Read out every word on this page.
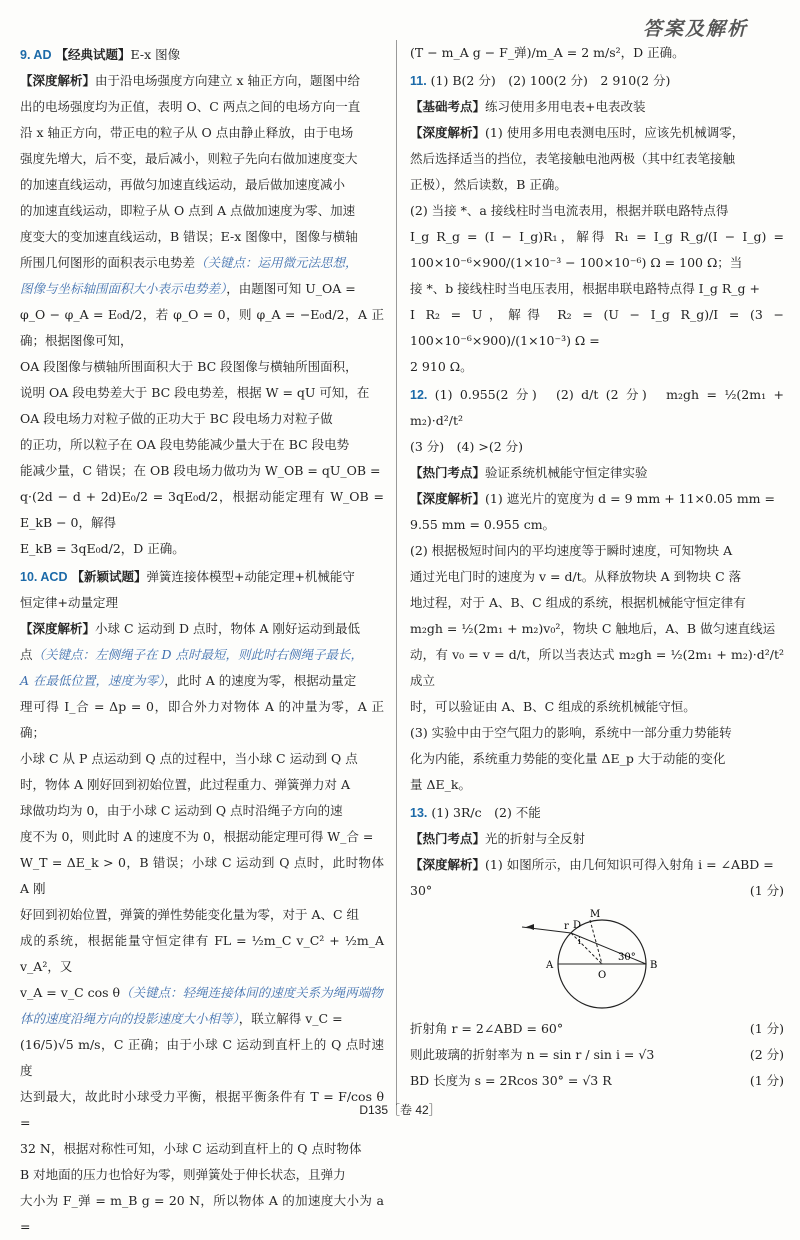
答案及解析

9. AD 【经典试题】E-x 图像

【深度解析】由于沿电场强度方向建立 x 轴正方向，题图中给

出的电场强度均为正值，表明 O、C 两点之间的电场方向一直

沿 x 轴正方向，带正电的粒子从 O 点由静止释放，由于电场

强度先增大，后不变，最后减小，则粒子先向右做加速度变大

的加速直线运动，再做匀加速直线运动，最后做加速度减小

的加速直线运动，即粒子从 O 点到 A 点做加速度为零、加速

度变大的变加速直线运动，B 错误；E-x 图像中，图像与横轴

所围几何图形的面积表示电势差（关键点：运用微元法思想，

图像与坐标轴围面积大小表示电势差），由题图可知 U_OA =

φ_O − φ_A = E₀d/2，若 φ_O = 0，则 φ_A = −E₀d/2，A 正确；根据图像可知，

OA 段图像与横轴所围面积大于 BC 段图像与横轴所围面积，

说明 OA 段电势差大于 BC 段电势差，根据 W = qU 可知，在

OA 段电场力对粒子做的正功大于 BC 段电场力对粒子做

的正功，所以粒子在 OA 段电势能减少量大于在 BC 段电势

能减少量，C 错误；在 OB 段电场力做功为 W_OB = qU_OB =

q·(2d − d + 2d)E₀/2 = 3qE₀d/2，根据动能定理有 W_OB = E_kB − 0，解得

E_kB = 3qE₀d/2，D 正确。

10. ACD 【新颖试题】弹簧连接体模型+动能定理+机械能守

恒定律+动量定理

【深度解析】小球 C 运动到 D 点时，物体 A 刚好运动到最低

点（关键点：左侧绳子在 D 点时最短，则此时右侧绳子最长，

A 在最低位置，速度为零），此时 A 的速度为零，根据动量定

理可得 I_合 = Δp = 0，即合外力对物体 A 的冲量为零，A 正确；

小球 C 从 P 点运动到 Q 点的过程中，当小球 C 运动到 Q 点

时，物体 A 刚好回到初始位置，此过程重力、弹簧弹力对 A

球做功均为 0，由于小球 C 运动到 Q 点时沿绳子方向的速

度不为 0，则此时 A 的速度不为 0，根据动能定理可得 W_合 =

W_T = ΔE_k > 0，B 错误；小球 C 运动到 Q 点时，此时物体 A 刚

好回到初始位置，弹簧的弹性势能变化量为零，对于 A、C 组

成的系统，根据能量守恒定律有 FL = ½m_C v_C² + ½m_A v_A²，又

v_A = v_C cos θ（关键点：轻绳连接体间的速度关系为绳两端物

体的速度沿绳方向的投影速度大小相等），联立解得 v_C =

(16/5)√5 m/s，C 正确；由于小球 C 运动到直杆上的 Q 点时速度

达到最大，故此时小球受力平衡，根据平衡条件有 T = F/cos θ =

32 N，根据对称性可知，小球 C 运动到直杆上的 Q 点时物体

B 对地面的压力也恰好为零，则弹簧处于伸长状态，且弹力

大小为 F_弹 = m_B g = 20 N，所以物体 A 的加速度大小为 a =

(T − m_A g − F_弹)/m_A = 2 m/s²，D 正确。

11. (1) B(2 分)　(2) 100(2 分)　2 910(2 分)

【基础考点】练习使用多用电表+电表改装

【深度解析】(1) 使用多用电表测电压时，应该先机械调零，

然后选择适当的挡位，表笔接触电池两极（其中红表笔接触

正极），然后读数，B 正确。

(2) 当接 *、a 接线柱时当电流表用，根据并联电路特点得

I_g R_g = (I − I_g)R₁，解得 R₁ = I_g R_g/(I − I_g) = 100×10⁻⁶×900/(1×10⁻³ − 100×10⁻⁶) Ω = 100 Ω；当

接 *、b 接线柱时当电压表用，根据串联电路特点得 I_g R_g +

I R₂ = U，解得 R₂ = (U − I_g R_g)/I = (3 − 100×10⁻⁶×900)/(1×10⁻³) Ω =

2 910 Ω。

12. (1) 0.955(2 分)　(2) d/t (2 分)　m₂gh = ½(2m₁ + m₂)·d²/t²

(3 分)　(4) >(2 分)

【热门考点】验证系统机械能守恒定律实验

【深度解析】(1) 遮光片的宽度为 d = 9 mm + 11×0.05 mm =

9.55 mm = 0.955 cm。

(2) 根据极短时间内的平均速度等于瞬时速度，可知物块 A

通过光电门时的速度为 v = d/t。从释放物块 A 到物块 C 落

地过程，对于 A、B、C 组成的系统，根据机械能守恒定律有

m₂gh = ½(2m₁ + m₂)v₀²，物块 C 触地后，A、B 做匀速直线运

动，有 v₀ = v = d/t，所以当表达式 m₂gh = ½(2m₁ + m₂)·d²/t² 成立

时，可以验证由 A、B、C 组成的系统机械能守恒。

(3) 实验中由于空气阻力的影响，系统中一部分重力势能转

化为内能，系统重力势能的变化量 ΔE_p 大于动能的变化

量 ΔE_k。

13. (1) 3R/c　(2) 不能

【热门考点】光的折射与全反射

【深度解析】(1) 如图所示，由几何知识可得入射角 i = ∠ABD =

30°	(1 分)

r D
M
i
30°
A
O
B

折射角 r = 2∠ABD = 60°	(1 分)

则此玻璃的折射率为 n = sin r / sin i = √3	(2 分)

BD 长度为 s = 2Rcos 30° = √3 R	(1 分)

D135［卷 42］
